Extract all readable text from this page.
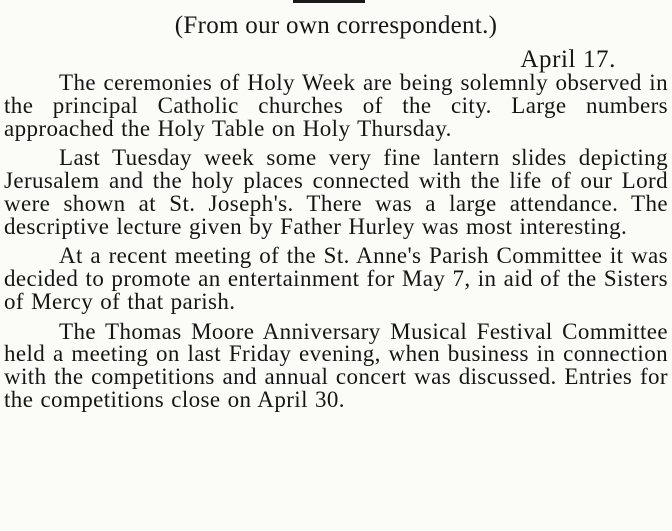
(From our own correspondent.)
April 17.

The ceremonies of Holy Week are being solemnly observed in the principal Catholic churches of the city. Large numbers approached the Holy Table on Holy Thursday.

Last Tuesday week some very fine lantern slides depicting Jerusalem and the holy places connected with the life of our Lord were shown at St. Joseph's. There was a large attendance. The descriptive lecture given by Father Hurley was most interesting.

At a recent meeting of the St. Anne's Parish Committee it was decided to promote an entertainment for May 7, in aid of the Sisters of Mercy of that parish.

The Thomas Moore Anniversary Musical Festival Committee held a meeting on last Friday evening, when business in connection with the competitions and annual concert was discussed. Entries for the competitions close on April 30.
